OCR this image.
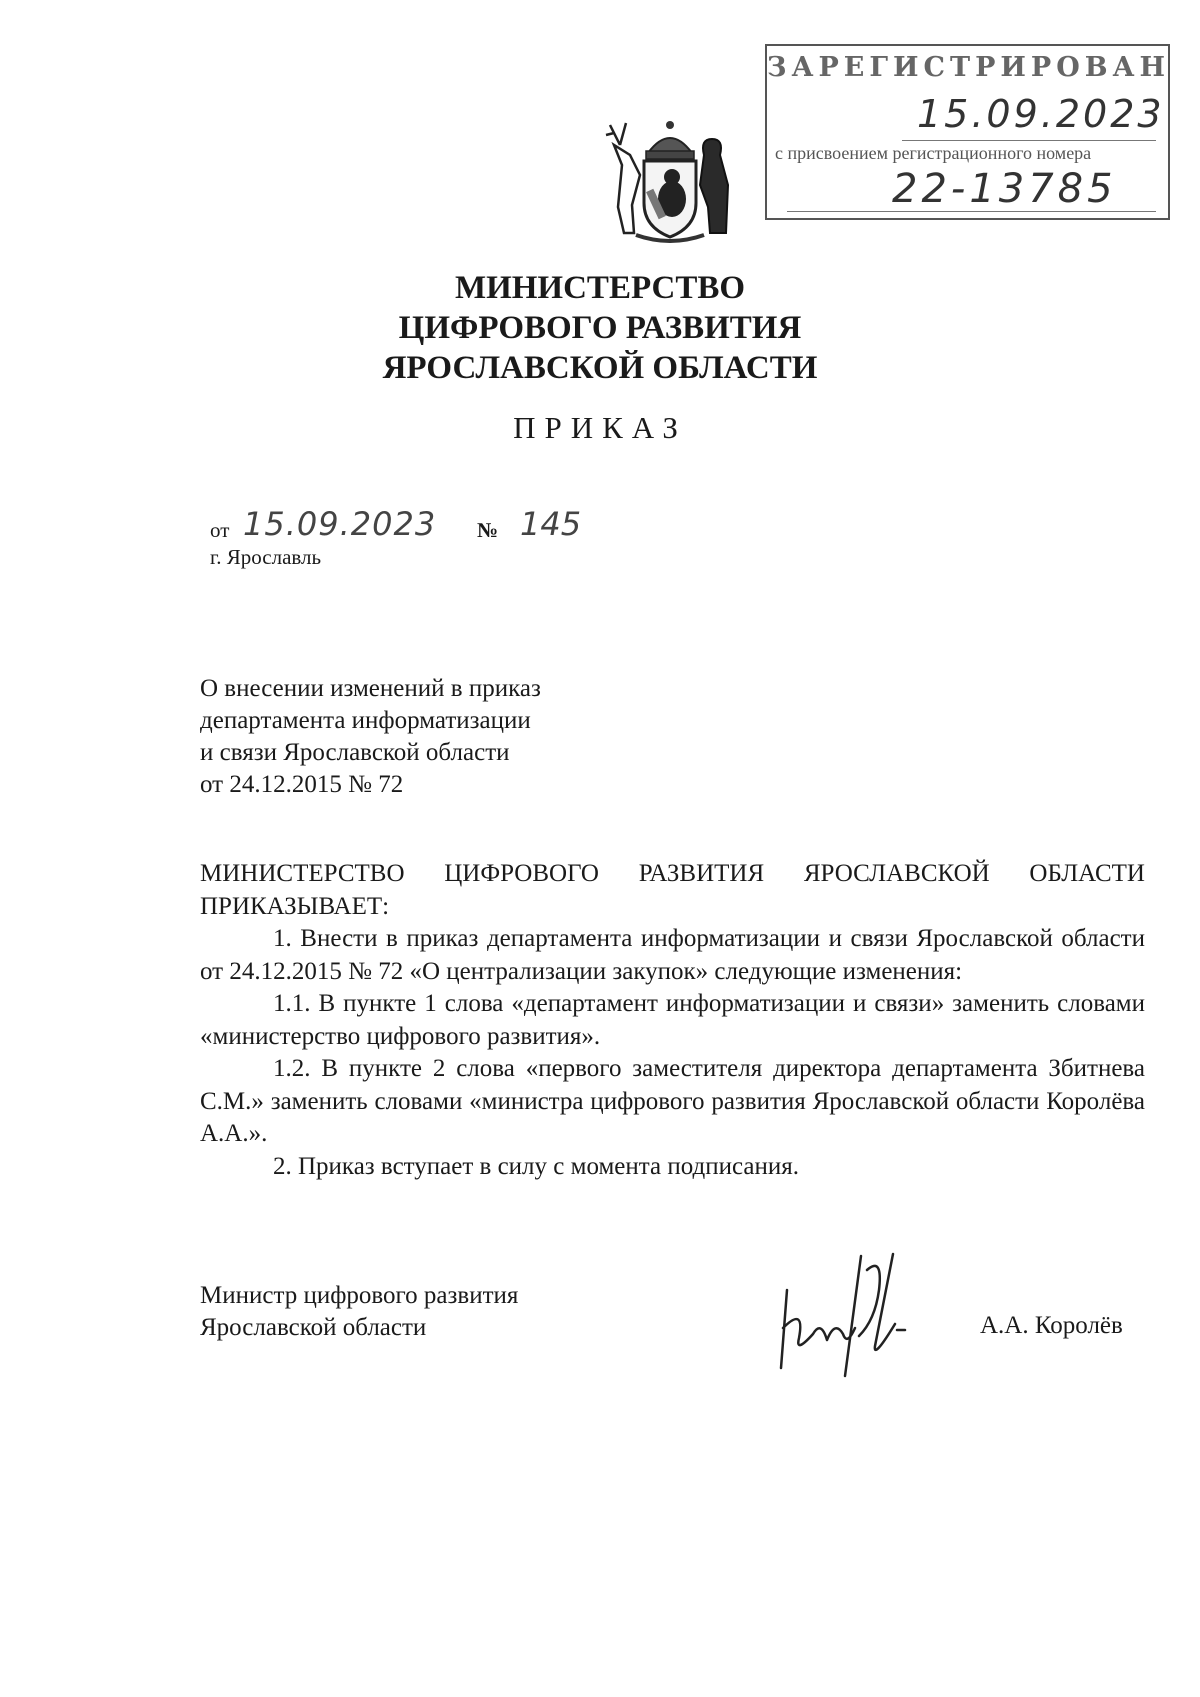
ЗАРЕГИСТРИРОВАН
15.09.2023
с присвоением регистрационного номера
22-13785
МИНИСТЕРСТВО
ЦИФРОВОГО РАЗВИТИЯ
ЯРОСЛАВСКОЙ ОБЛАСТИ
ПРИКАЗ
от 15.09.2023 № 145
г. Ярославль
О внесении изменений в приказ
департамента информатизации
и связи Ярославской области
от 24.12.2015 № 72

МИНИСТЕРСТВО ЦИФРОВОГО РАЗВИТИЯ ЯРОСЛАВСКОЙ ОБЛАСТИ ПРИКАЗЫВАЕТ:

1. Внести в приказ департамента информатизации и связи Ярославской области от 24.12.2015 № 72 «О централизации закупок» следующие изменения:

1.1. В пункте 1 слова «департамент информатизации и связи» заменить словами «министерство цифрового развития».

1.2. В пункте 2 слова «первого заместителя директора департамента Збитнева С.М.» заменить словами «министра цифрового развития Ярославской области Королёва А.А.».

2. Приказ вступает в силу с момента подписания.

Министр цифрового развития
Ярославской области	А.А. Королёв
